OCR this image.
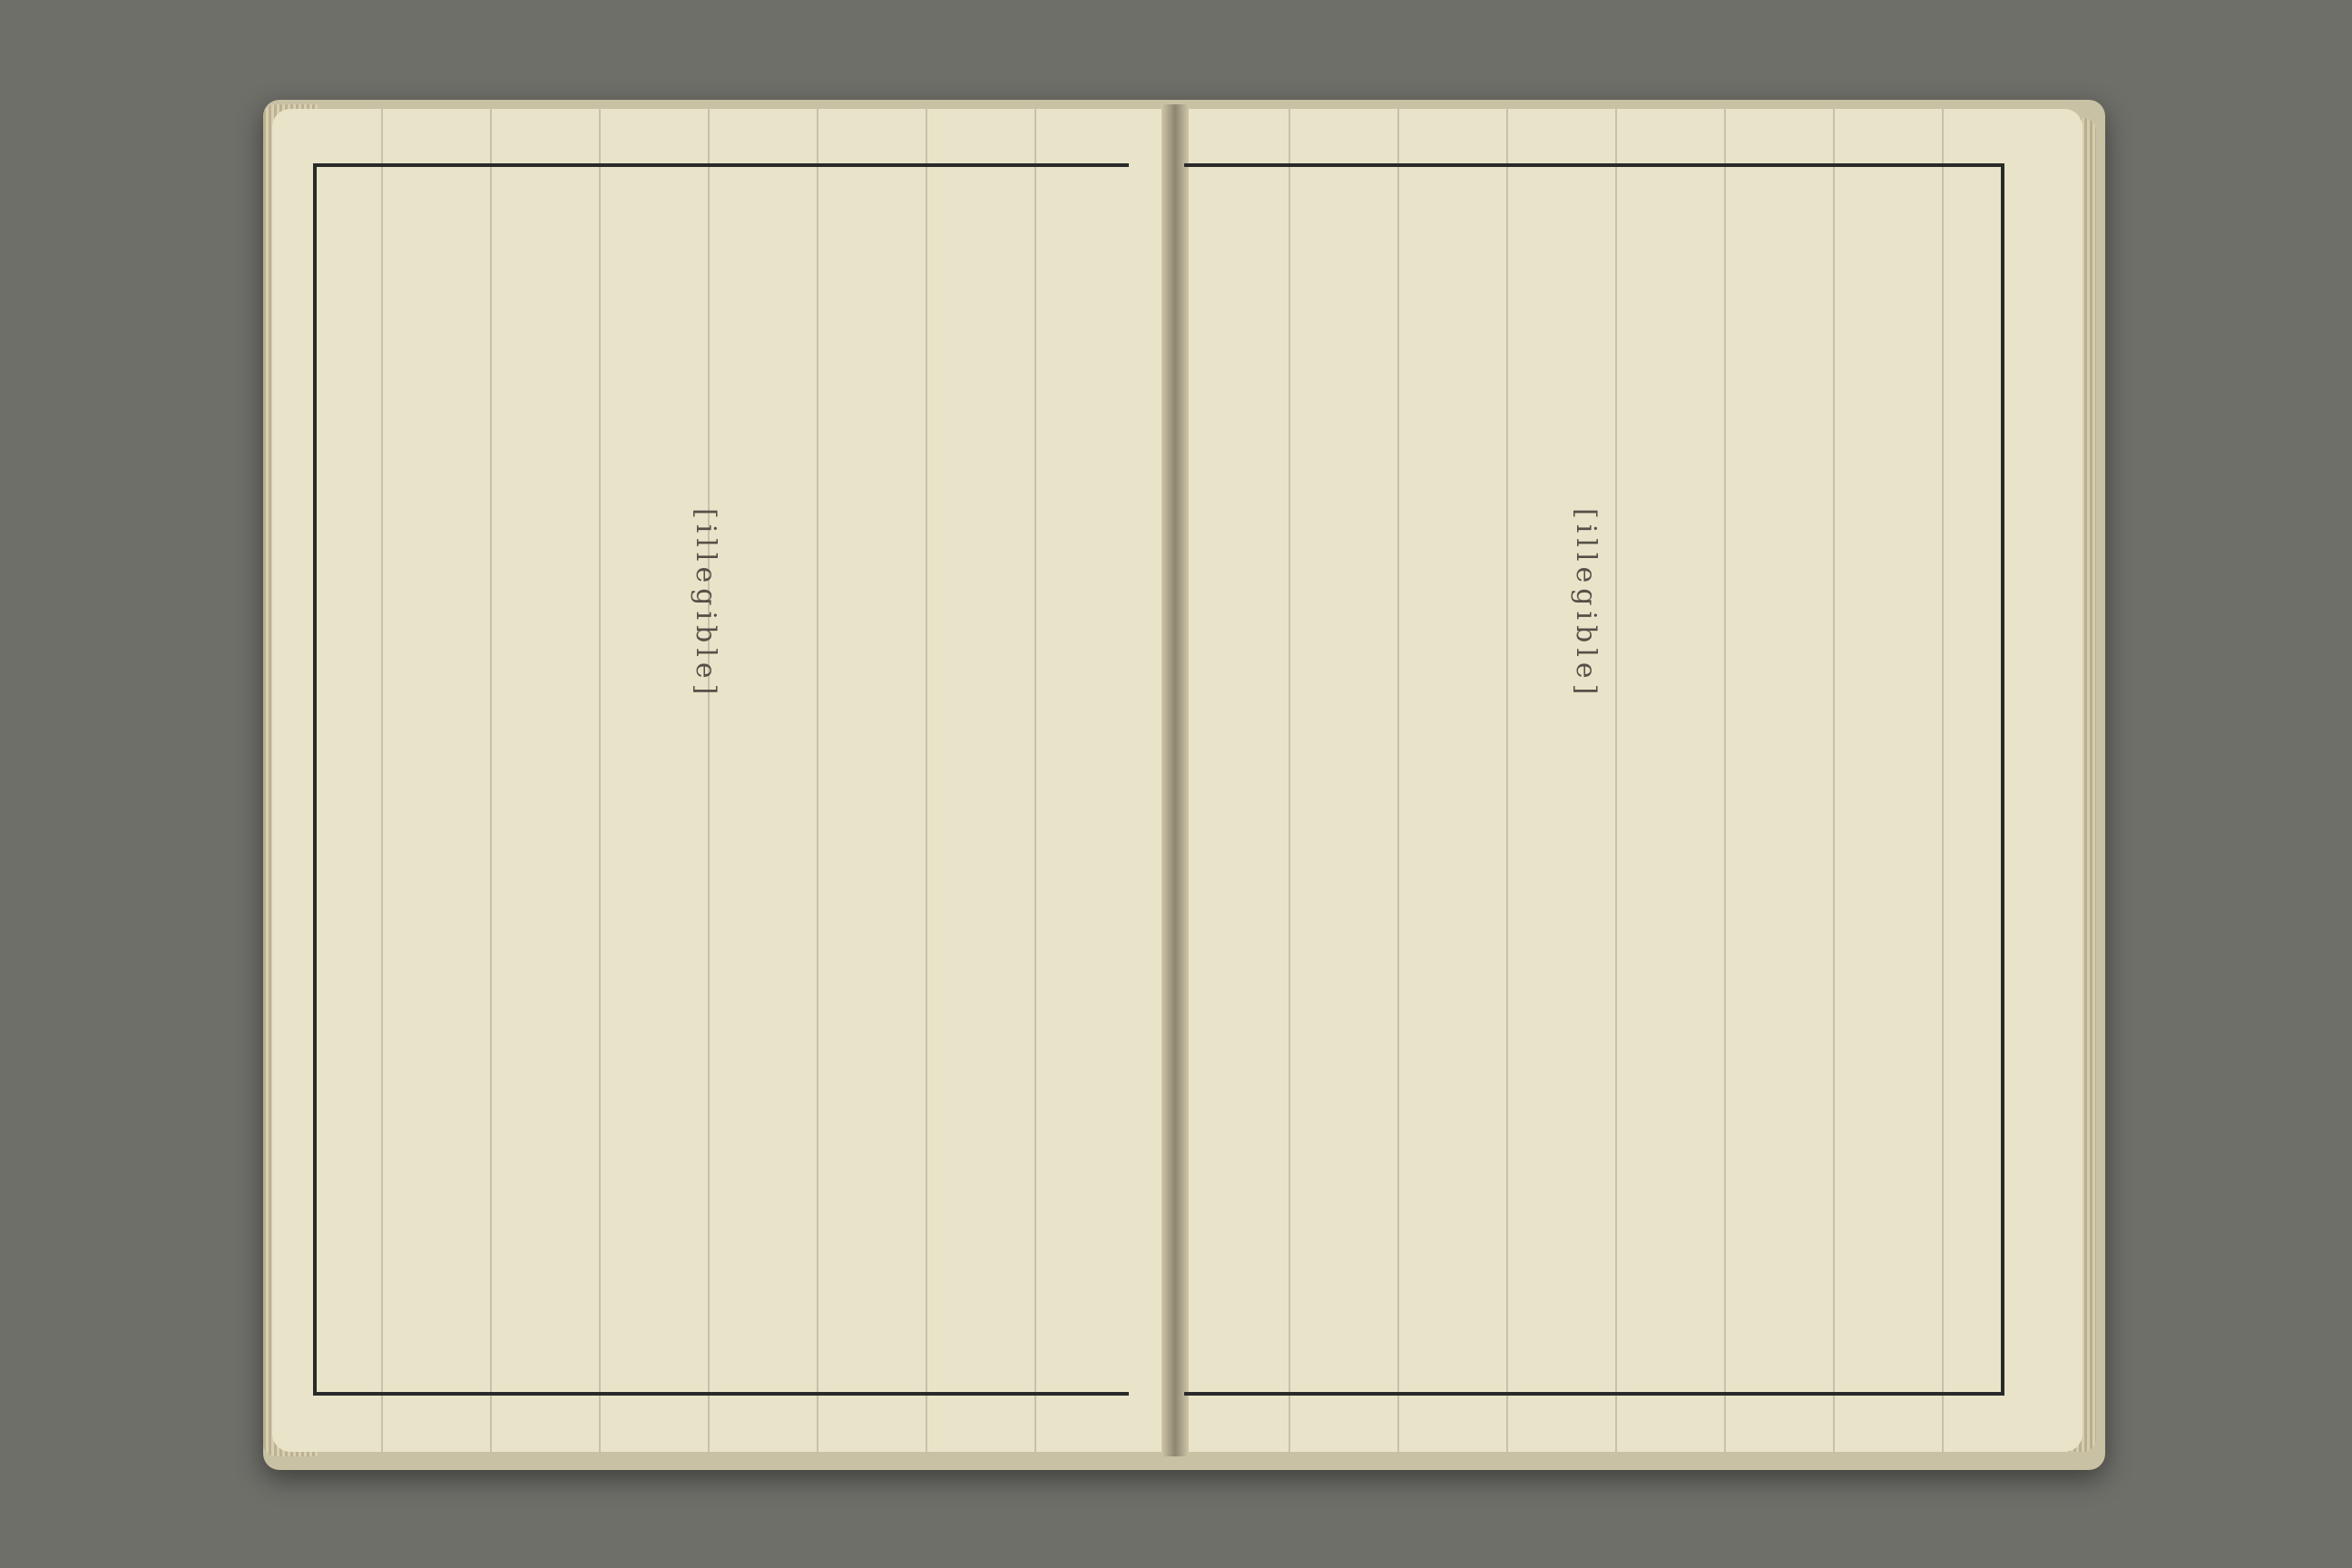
[illegible]	[illegible]
